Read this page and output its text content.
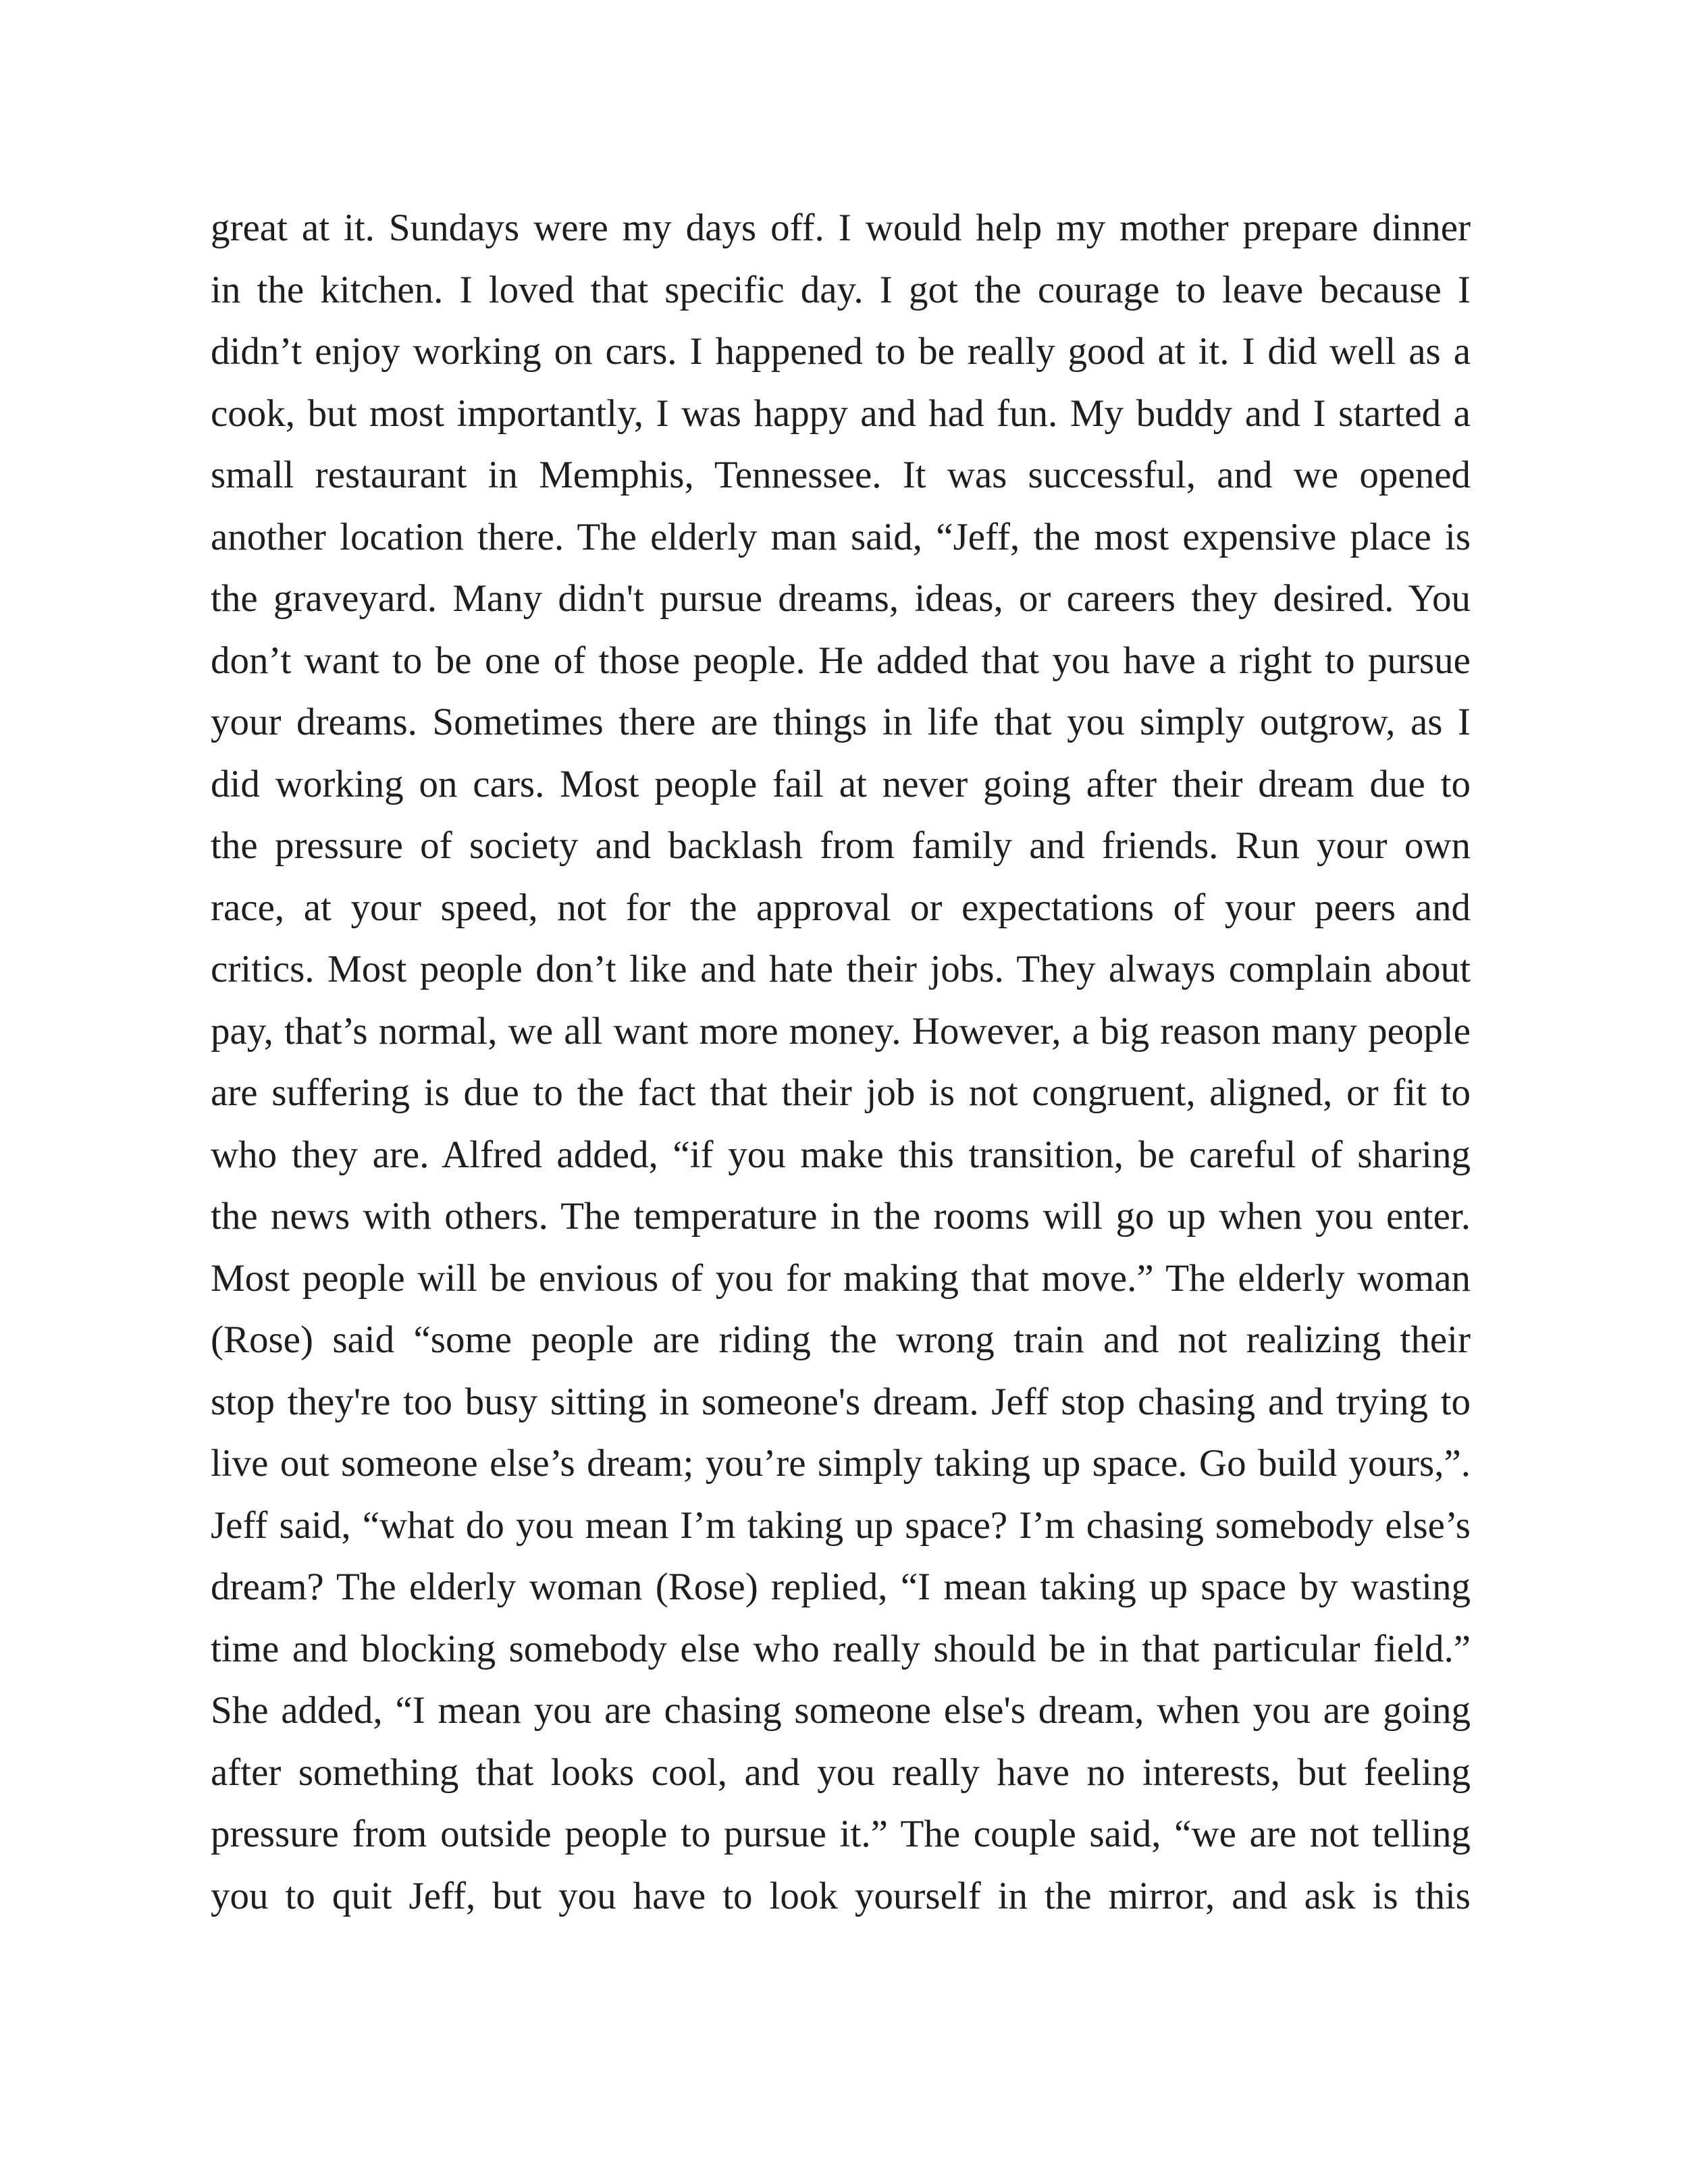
great at it. Sundays were my days off. I would help my mother prepare dinner
in the kitchen. I loved that specific day. I got the courage to leave because I
didn’t enjoy working on cars. I happened to be really good at it. I did well as a
cook, but most importantly, I was happy and had fun. My buddy and I started a
small restaurant in Memphis, Tennessee. It was successful, and we opened
another location there. The elderly man said, “Jeff, the most expensive place is
the graveyard. Many didn't pursue dreams, ideas, or careers they desired. You
don’t want to be one of those people. He added that you have a right to pursue
your dreams. Sometimes there are things in life that you simply outgrow, as I
did working on cars. Most people fail at never going after their dream due to
the pressure of society and backlash from family and friends. Run your own
race, at your speed, not for the approval or expectations of your peers and
critics. Most people don’t like and hate their jobs. They always complain about
pay, that’s normal, we all want more money. However, a big reason many people
are suffering is due to the fact that their job is not congruent, aligned, or fit to
who they are. Alfred added, “if you make this transition, be careful of sharing
the news with others. The temperature in the rooms will go up when you enter.
Most people will be envious of you for making that move.” The elderly woman
(Rose) said “some people are riding the wrong train and not realizing their
stop they're too busy sitting in someone's dream. Jeff stop chasing and trying to
live out someone else’s dream; you’re simply taking up space. Go build yours,”.
Jeff said, “what do you mean I’m taking up space? I’m chasing somebody else’s
dream? The elderly woman (Rose) replied, “I mean taking up space by wasting
time and blocking somebody else who really should be in that particular field.”
She added, “I mean you are chasing someone else's dream, when you are going
after something that looks cool, and you really have no interests, but feeling
pressure from outside people to pursue it.” The couple said, “we are not telling
you to quit Jeff, but you have to look yourself in the mirror, and ask is this
